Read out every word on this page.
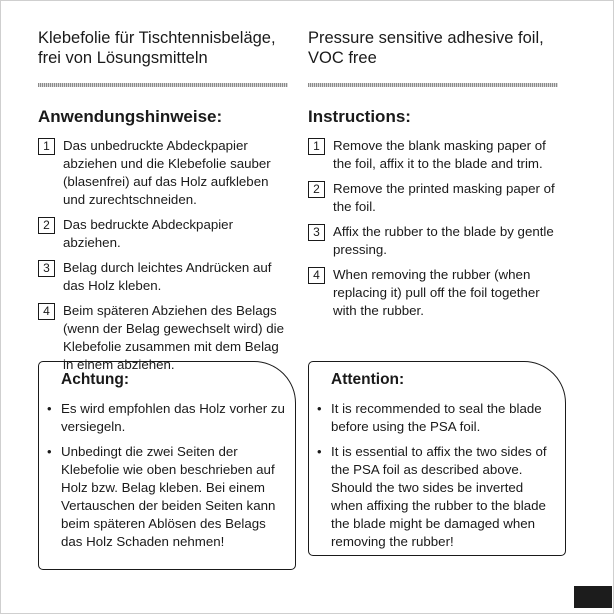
Klebefolie für Tischtennisbeläge, frei von Lösungsmitteln

Anwendungshinweise:
1 Das unbedruckte Abdeckpapier abziehen und die Klebefolie sauber (blasenfrei) auf das Holz aufkleben und zurechtschneiden.
2 Das bedruckte Abdeckpapier abziehen.
3 Belag durch leichtes Andrücken auf das Holz kleben.
4 Beim späteren Abziehen des Belags (wenn der Belag gewechselt wird) die Klebefolie zusammen mit dem Belag in einem abziehen.

Pressure sensitive adhesive foil, VOC free

Instructions:
1 Remove the blank masking paper of the foil, affix it to the blade and trim.
2 Remove the printed masking paper of the foil.
3 Affix the rubber to the blade by gentle pressing.
4 When removing the rubber (when replacing it) pull off the foil together with the rubber.
Achtung:
• Es wird empfohlen das Holz vorher zu versiegeln.
• Unbedingt die zwei Seiten der Klebefolie wie oben beschrieben auf Holz bzw. Belag kleben. Bei einem Vertauschen der beiden Seiten kann beim späteren Ablösen des Belags das Holz Schaden nehmen!
Attention:
• It is recommended to seal the blade before using the PSA foil.
• It is essential to affix the two sides of the PSA foil as described above. Should the two sides be inverted when affixing the rubber to the blade the blade might be damaged when removing the rubber!
